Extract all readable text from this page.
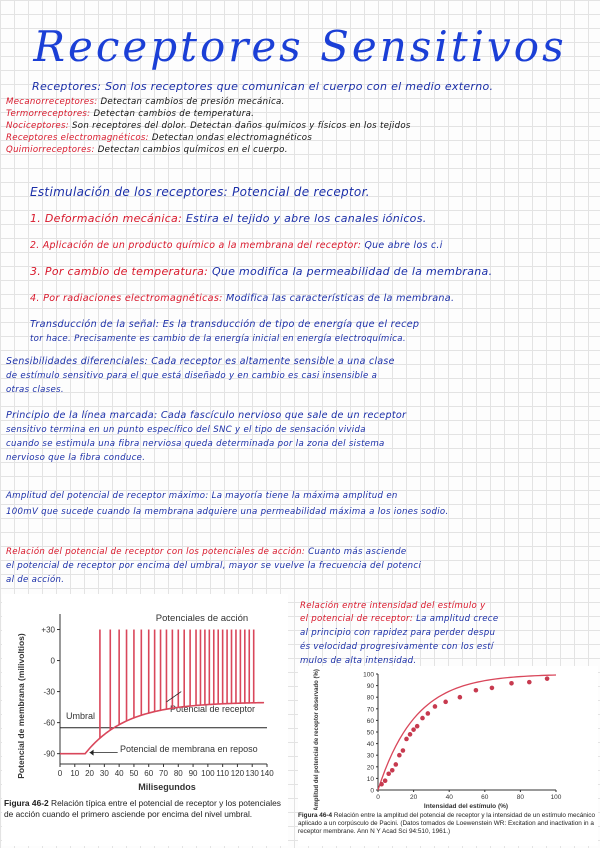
Receptores Sensitivos
Receptores: Son los receptores que comunican el cuerpo con el medio externo.
Mecanorreceptores: Detectan cambios de presión mecánica.
Termorreceptores: Detectan cambios de temperatura.
Nociceptores: Son receptores del dolor. Detectan daños químicos y físicos en los tejidos
Receptores electromagnéticos: Detectan ondas electromagnéticos
Quimiorreceptores: Detectan cambios químicos en el cuerpo.
Estimulación de los receptores: Potencial de receptor.
1. Deformación mecánica: Estira el tejido y abre los canales iónicos.
2. Aplicación de un producto químico a la membrana del receptor: Que abre los c.i
3. Por cambio de temperatura: Que modifica la permeabilidad de la membrana.
4. Por radiaciones electromagnéticas: Modifica las características de la membrana.
Transducción de la señal: Es la transducción de tipo de energía que el recep
tor hace. Precisamente es cambio de la energía inicial en energía electroquímica.
Sensibilidades diferenciales: Cada receptor es altamente sensible a una clase
de estímulo sensitivo para el que está diseñado y en cambio es casi insensible a
otras clases.
Principio de la línea marcada: Cada fascículo nervioso que sale de un receptor
sensitivo termina en un punto específico del SNC y el tipo de sensación vivida
cuando se estimula una fibra nerviosa queda determinada por la zona del sistema
nervioso que la fibra conduce.
Amplitud del potencial de receptor máximo: La mayoría tiene la máxima amplitud en
100mV que sucede cuando la membrana adquiere una permeabilidad máxima a los iones sodio.
Relación del potencial de receptor con los potenciales de acción: Cuanto más asciende
el potencial de receptor por encima del umbral, mayor se vuelve la frecuencia del potenci
al de acción.
Relación entre intensidad del estímulo y
el potencial de receptor: La amplitud crece
al principio con rapidez para perder despu
és velocidad progresivamente con los estí
mulos de alta intensidad.
Potencial de membrana (milivoltios)
Milisegundos
Potenciales de acción
Umbral
Potencial de receptor
Potencial de membrana en reposo
+30
0
-30
-60
-90
0 10 20 30 40 50 60 70 80 90 100 110 120 130 140
Figura 46-2 Relación típica entre el potencial de receptor y los potenciales de acción cuando el primero asciende por encima del nivel umbral.
Amplitud del potencial de receptor observado (%)	Intensidad del estímulo (%)
0
10
20
30
40
50
60
70
80
90
100
0	20	40	60	80	100
Figura 46-4 Relación entre la amplitud del potencial de receptor y la intensidad de un estímulo mecánico aplicado a un corpúsculo de Pacini. (Datos tomados de Loewenstein WR: Excitation and inactivation in a receptor membrane. Ann N Y Acad Sci 94:510, 1961.)
